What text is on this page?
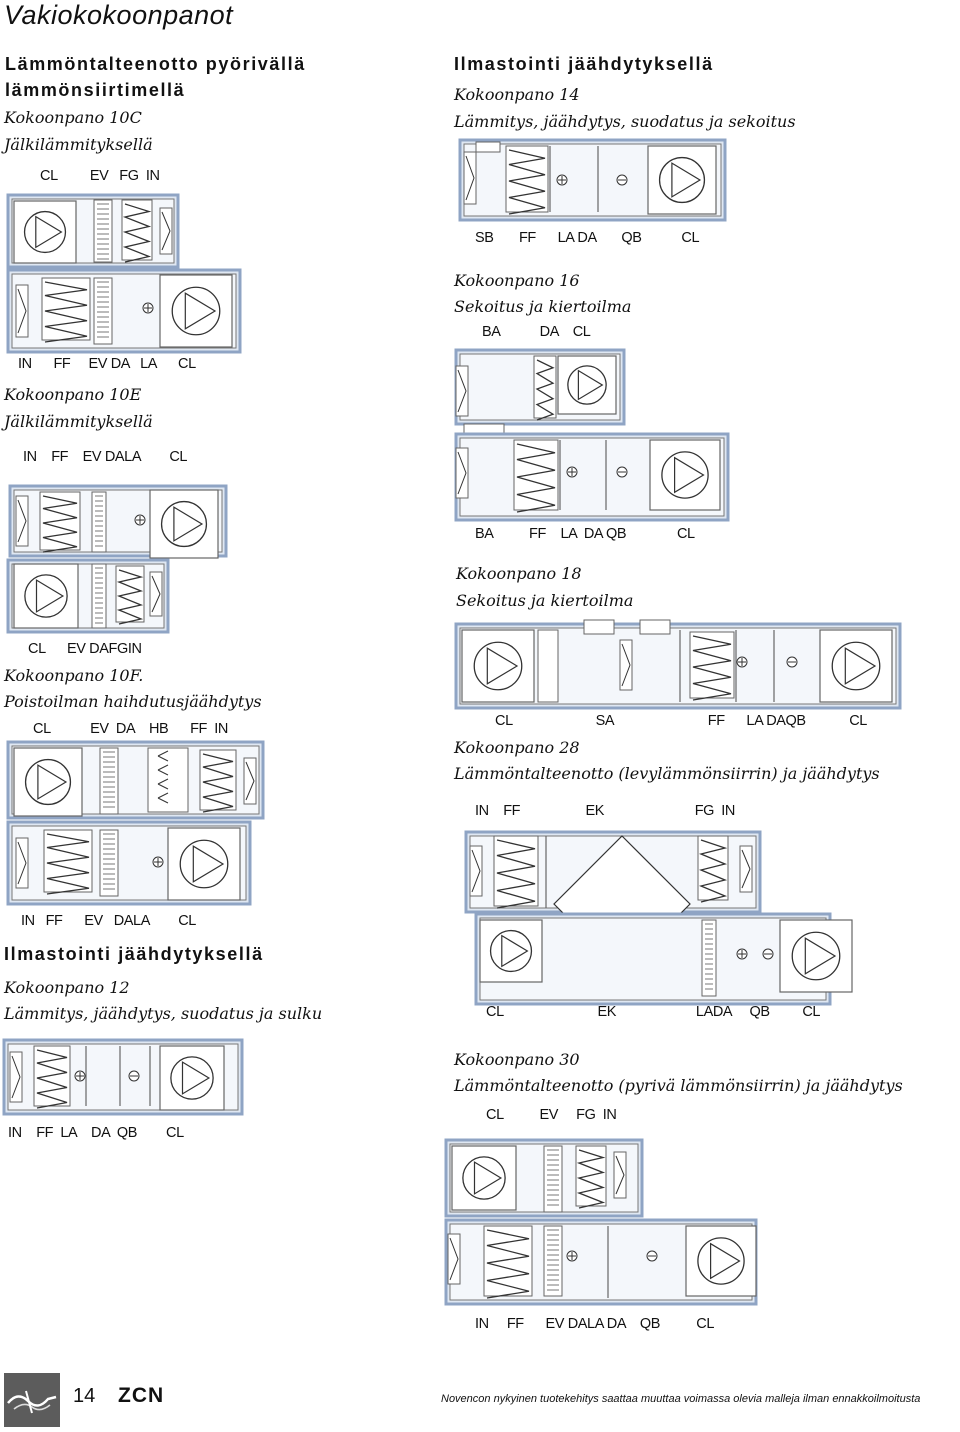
Vakiokokoonpanot
Lämmöntalteenotto pyörivällä
lämmönsiirtimellä
Kokoonpano 10C
Jälkilämmityksellä
CL         EV   FG  IN
IN      FF     EV DA   LA      CL
Kokoonpano 10E
Jälkilämmityksellä
IN    FF    EV DALA        CL
CL      EV DAFGIN
Kokoonpano 10F.
Poistoilman haihdutusjäähdytys
CL           EV  DA    HB      FF  IN
IN   FF      EV   DALA        CL
Ilmastointi jäähdytyksellä
Kokoonpano 12
Lämmitys, jäähdytys, suodatus ja sulku
IN    FF  LA    DA  QB        CL
Ilmastointi jäähdytyksellä
Kokoonpano 14
Lämmitys, jäähdytys, suodatus ja sekoitus
SB       FF      LA DA       QB           CL
Kokoonpano 16
Sekoitus ja kiertoilma
BA           DA    CL
BA          FF    LA  DA QB              CL
Kokoonpano 18
Sekoitus ja kiertoilma
CL                       SA                          FF      LA DAQB            CL
Kokoonpano 28
Lämmöntalteenotto (levylämmönsiirrin) ja jäähdytys
IN    FF                  EK                         FG  IN
CL                          EK                      LADA     QB         CL
Kokoonpano 30
Lämmöntalteenotto (pyrivä lämmönsiirrin) ja jäähdytys
CL          EV     FG  IN
IN     FF      EV DALA DA    QB          CL
14 ZCN	Novencon nykyinen tuotekehitys saattaa muuttaa voimassa olevia malleja ilman ennakkoilmoitusta
